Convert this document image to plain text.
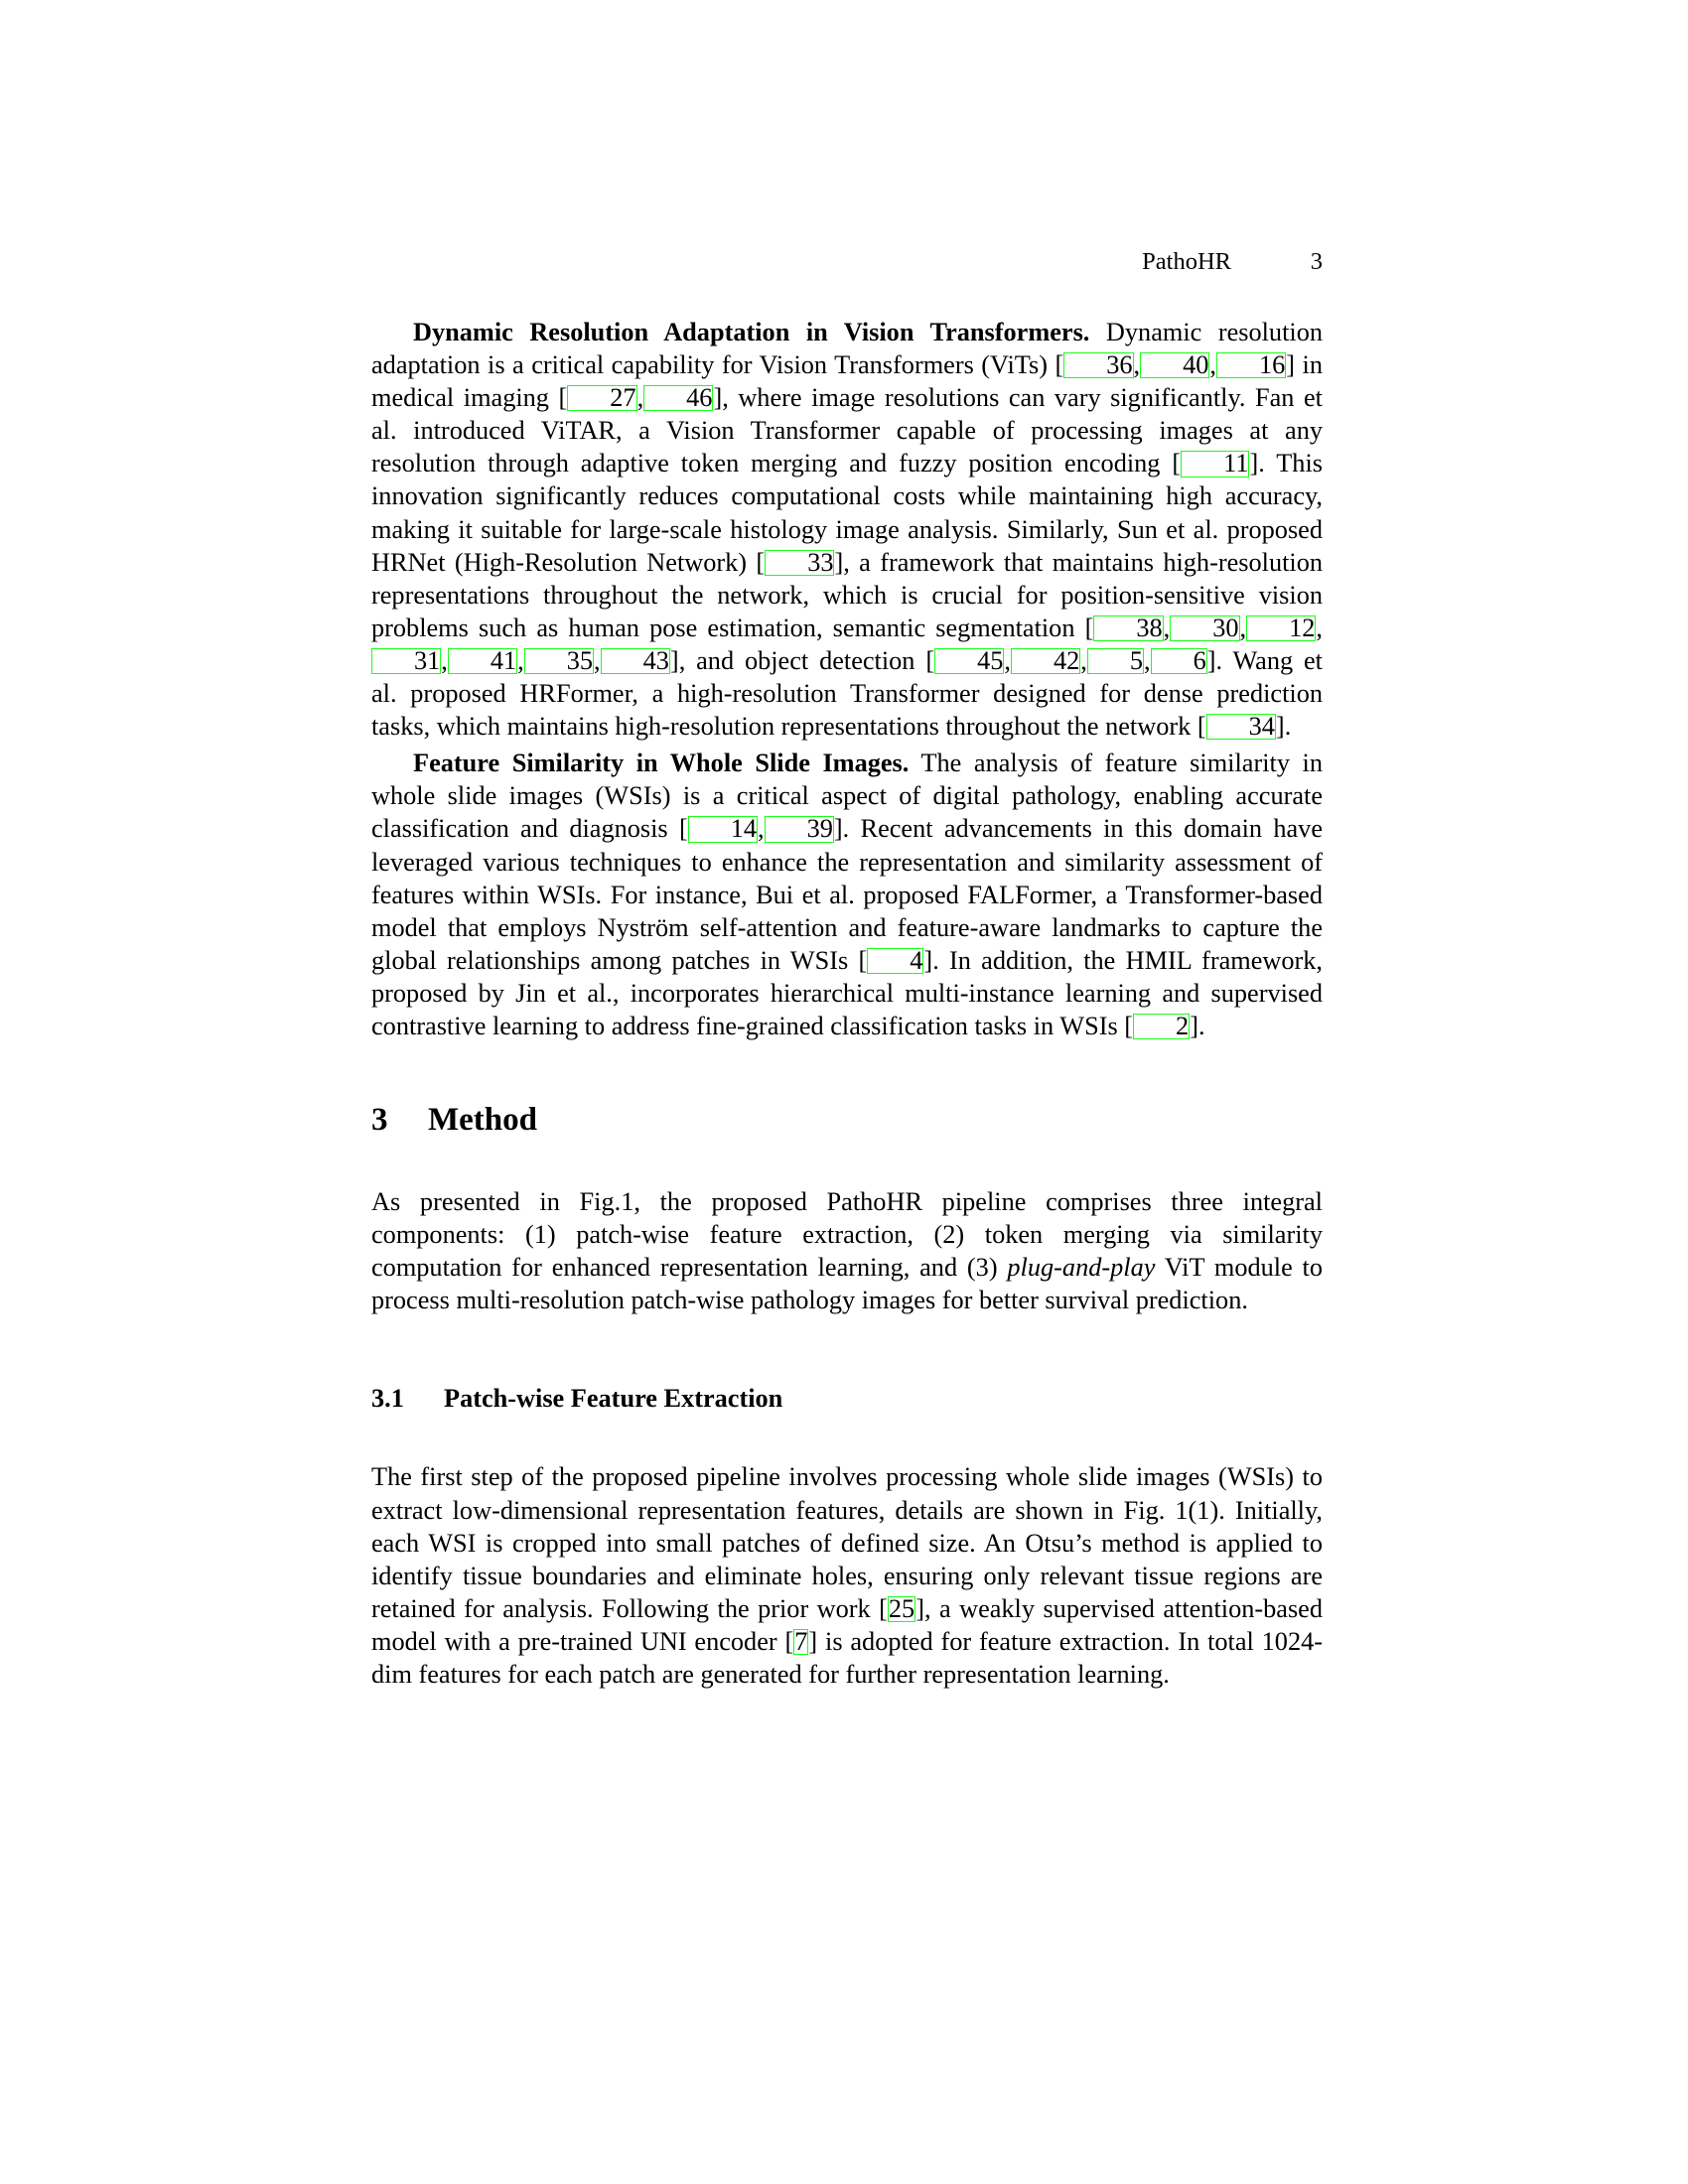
PathoHR	3

Dynamic Resolution Adaptation in Vision Transformers. Dynamic resolution adaptation is a critical capability for Vision Transformers (ViTs) [ 36, 40, 16] in medical imaging [ 27, 46], where image resolutions can vary significantly. Fan et al. introduced ViTAR, a Vision Transformer capable of processing images at any resolution through adaptive token merging and fuzzy position encoding [ 11]. This innovation significantly reduces computational costs while maintaining high accuracy, making it suitable for large-scale histology image analysis. Similarly, Sun et al. proposed HRNet (High-Resolution Network) [ 33], a framework that maintains high-resolution representations throughout the network, which is crucial for position-sensitive vision problems such as human pose estimation, semantic segmentation [ 38, 30, 12,31, 41, 35, 43], and object detection [ 45, 42, 5, 6]. Wang et al. proposed HRFormer, a high-resolution Transformer designed for dense prediction tasks, which maintains high-resolution representations throughout the network [ 34].

Feature Similarity in Whole Slide Images. The analysis of feature similarity in whole slide images (WSIs) is a critical aspect of digital pathology, enabling accurate classification and diagnosis [ 14, 39]. Recent advancements in this domain have leveraged various techniques to enhance the representation and similarity assessment of features within WSIs. For instance, Bui et al. proposed FALFormer, a Transformer-based model that employs Nyström self-attention and feature-aware landmarks to capture the global relationships among patches in WSIs [ 4]. In addition, the HMIL framework, proposed by Jin et al., incorporates hierarchical multi-instance learning and supervised contrastive learning to address fine-grained classification tasks in WSIs [ 2].

3 Method

As presented in Fig.1, the proposed PathoHR pipeline comprises three integral components: (1) patch-wise feature extraction, (2) token merging via similarity computation for enhanced representation learning, and (3) plug-and-play ViT module to process multi-resolution patch-wise pathology images for better survival prediction.

3.1 Patch-wise Feature Extraction

The first step of the proposed pipeline involves processing whole slide images (WSIs) to extract low-dimensional representation features, details are shown in Fig. 1(1). Initially, each WSI is cropped into small patches of defined size. An Otsu’s method is applied to identify tissue boundaries and eliminate holes, ensuring only relevant tissue regions are retained for analysis. Following the prior work [25], a weakly supervised attention-based model with a pre-trained UNI encoder [7] is adopted for feature extraction. In total 1024-dim features for each patch are generated for further representation learning.
